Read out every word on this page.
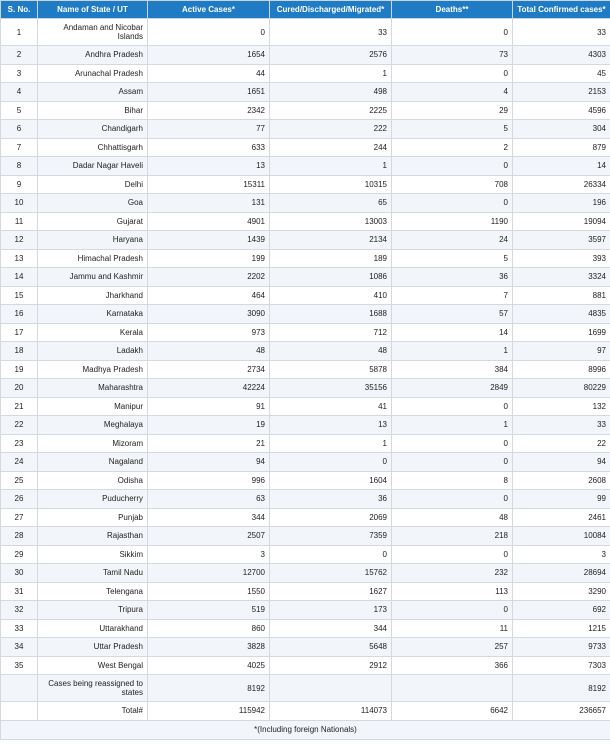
S. No.	Name of State / UT	Active Cases*	Cured/Discharged/Migrated*	Deaths**	Total Confirmed cases*
1	Andaman and Nicobar Islands	0	33	0	33
2	Andhra Pradesh	1654	2576	73	4303
3	Arunachal Pradesh	44	1	0	45
4	Assam	1651	498	4	2153
5	Bihar	2342	2225	29	4596
6	Chandigarh	77	222	5	304
7	Chhattisgarh	633	244	2	879
8	Dadar Nagar Haveli	13	1	0	14
9	Delhi	15311	10315	708	26334
10	Goa	131	65	0	196
11	Gujarat	4901	13003	1190	19094
12	Haryana	1439	2134	24	3597
13	Himachal Pradesh	199	189	5	393
14	Jammu and Kashmir	2202	1086	36	3324
15	Jharkhand	464	410	7	881
16	Karnataka	3090	1688	57	4835
17	Kerala	973	712	14	1699
18	Ladakh	48	48	1	97
19	Madhya Pradesh	2734	5878	384	8996
20	Maharashtra	42224	35156	2849	80229
21	Manipur	91	41	0	132
22	Meghalaya	19	13	1	33
23	Mizoram	21	1	0	22
24	Nagaland	94	0	0	94
25	Odisha	996	1604	8	2608
26	Puducherry	63	36	0	99
27	Punjab	344	2069	48	2461
28	Rajasthan	2507	7359	218	10084
29	Sikkim	3	0	0	3
30	Tamil Nadu	12700	15762	232	28694
31	Telengana	1550	1627	113	3290
32	Tripura	519	173	0	692
33	Uttarakhand	860	344	11	1215
34	Uttar Pradesh	3828	5648	257	9733
35	West Bengal	4025	2912	366	7303
	Cases being reassigned to states	8192			8192
	Total#	115942	114073	6642	236657
*(Including foreign Nationals)					
